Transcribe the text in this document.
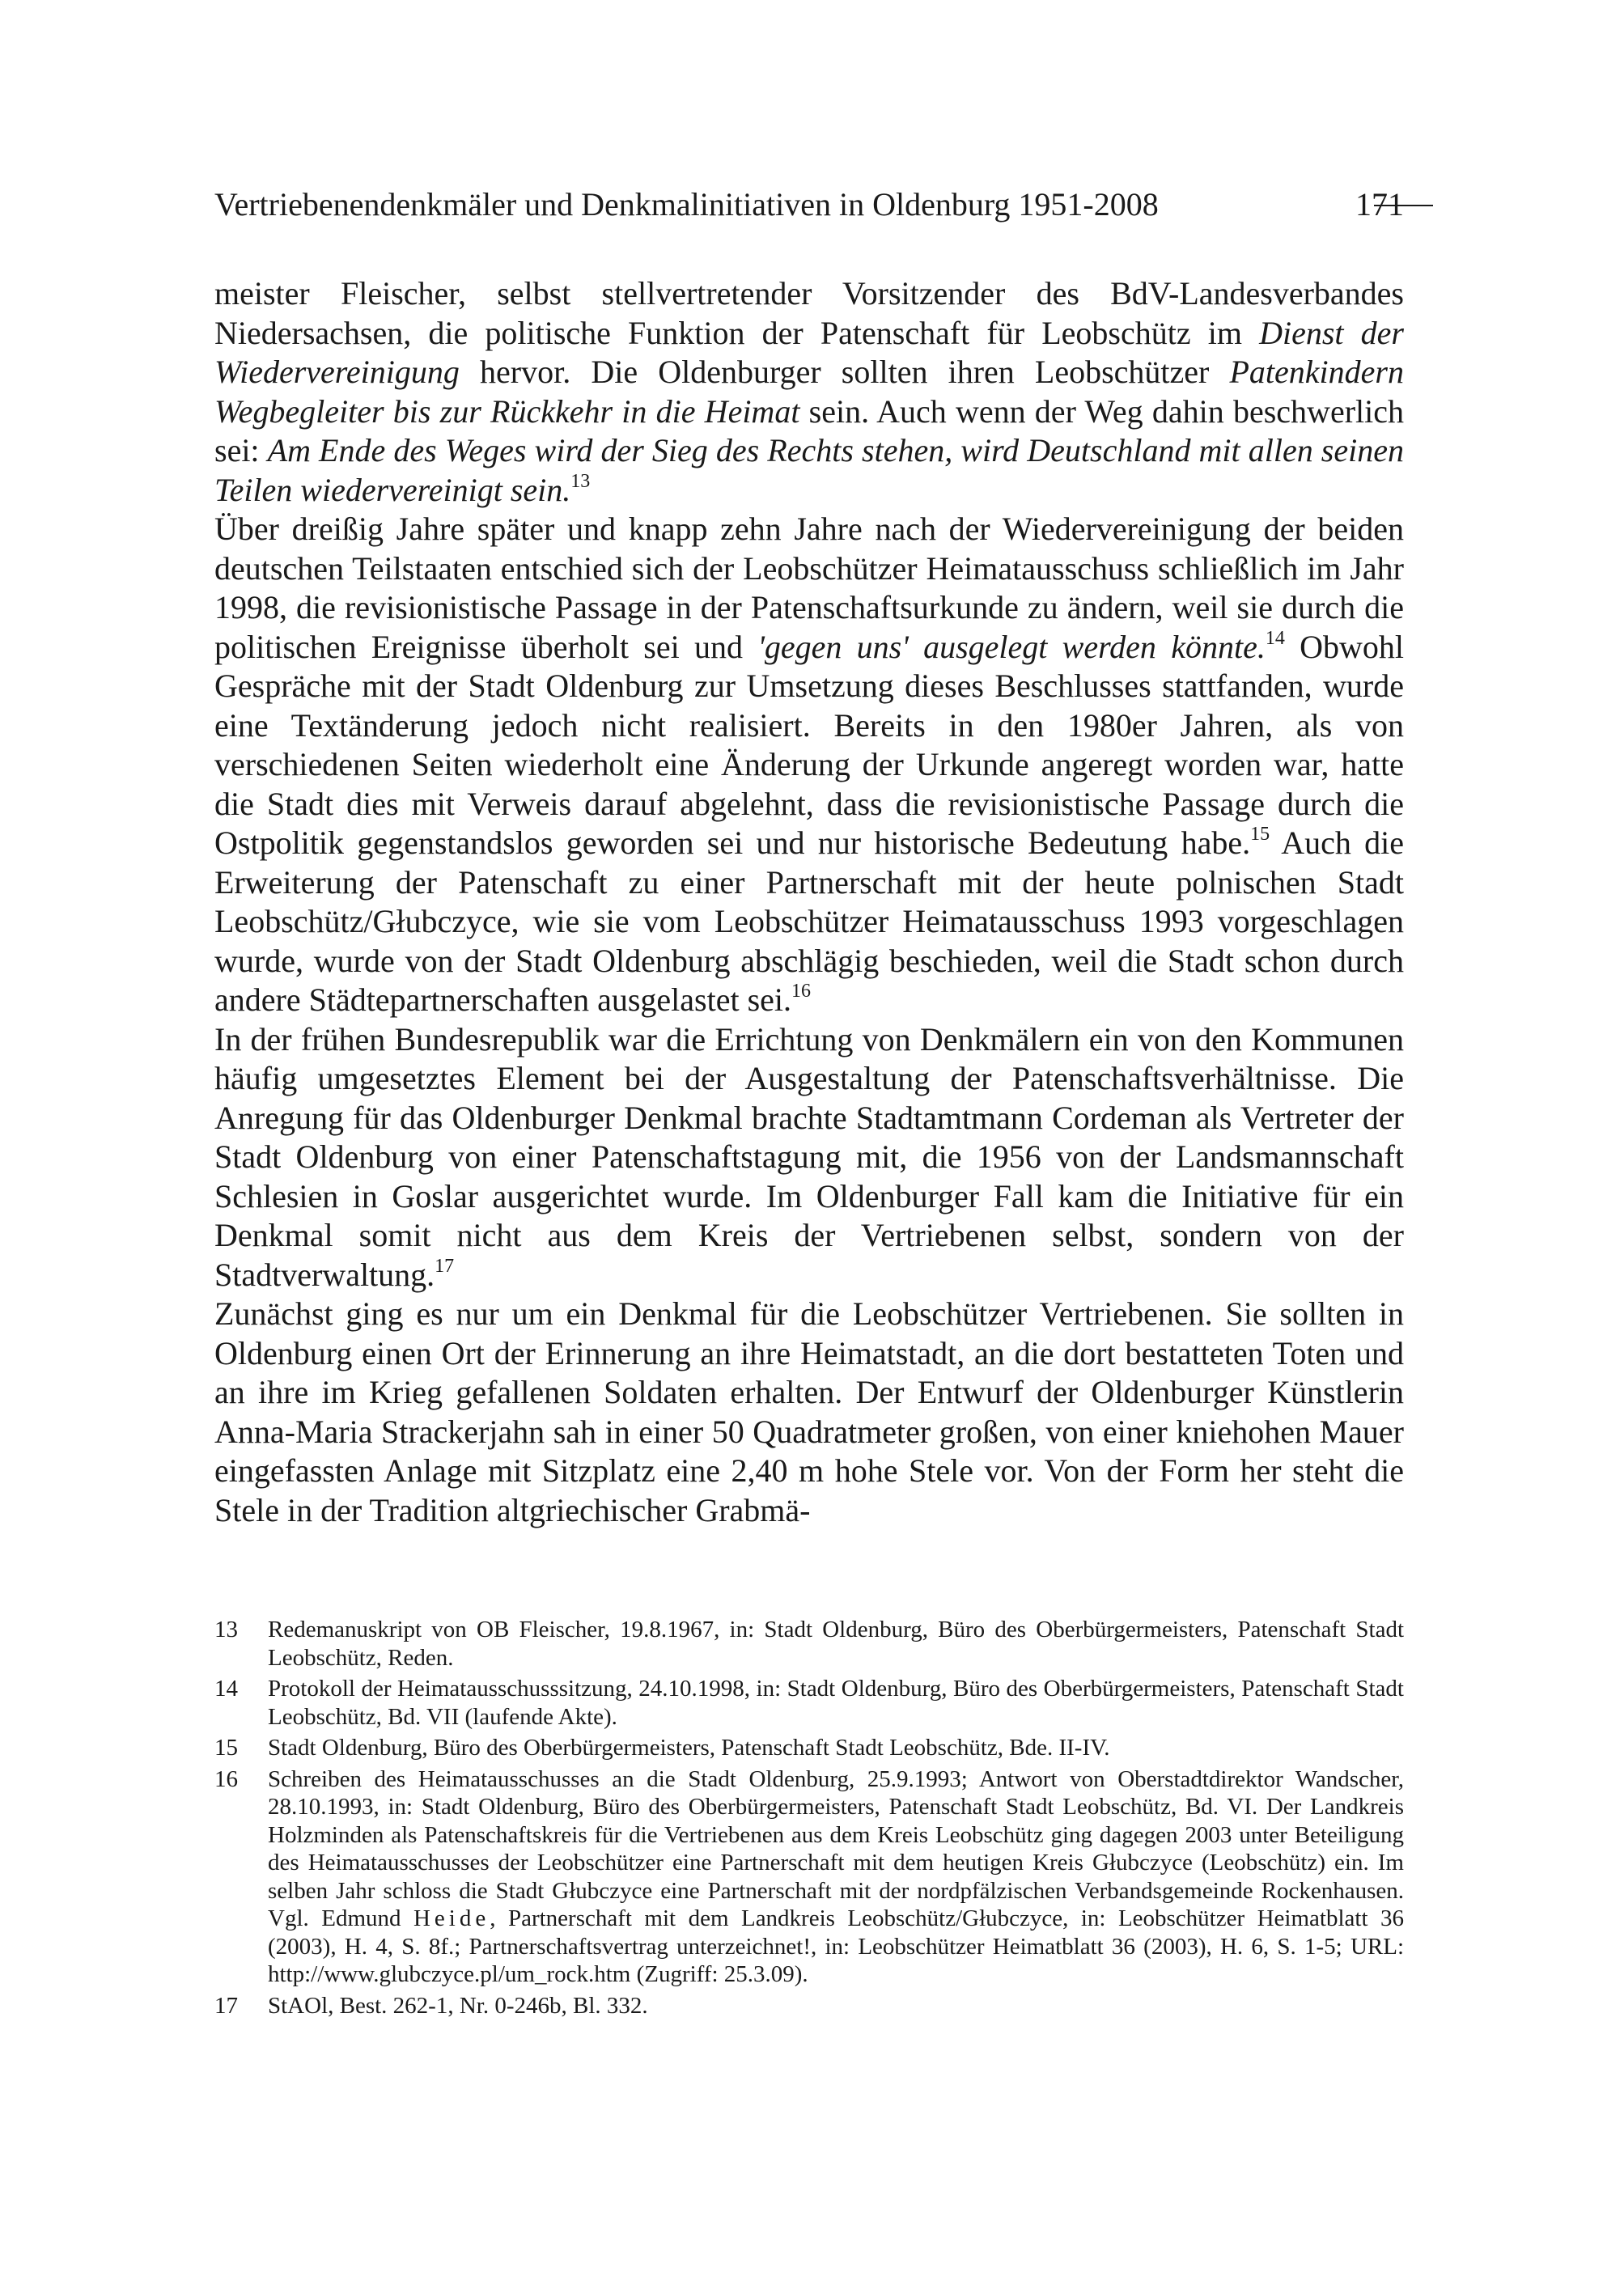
Vertriebenendenkmäler und Denkmalinitiativen in Oldenburg 1951-2008	171

meister Fleischer, selbst stellvertretender Vorsitzender des BdV-Landesverbandes Niedersachsen, die politische Funktion der Patenschaft für Leobschütz im Dienst der Wiedervereinigung hervor. Die Oldenburger sollten ihren Leobschützer Patenkindern Wegbegleiter bis zur Rückkehr in die Heimat sein. Auch wenn der Weg dahin beschwerlich sei: Am Ende des Weges wird der Sieg des Rechts stehen, wird Deutschland mit allen seinen Teilen wiedervereinigt sein.$^{13}$

Über dreißig Jahre später und knapp zehn Jahre nach der Wiedervereinigung der beiden deutschen Teilstaaten entschied sich der Leobschützer Heimatausschuss schließlich im Jahr 1998, die revisionistische Passage in der Patenschaftsurkunde zu ändern, weil sie durch die politischen Ereignisse überholt sei und 'gegen uns' ausgelegt werden könnte.$^{14}$ Obwohl Gespräche mit der Stadt Oldenburg zur Umsetzung dieses Beschlusses stattfanden, wurde eine Textänderung jedoch nicht realisiert. Bereits in den 1980er Jahren, als von verschiedenen Seiten wiederholt eine Änderung der Urkunde angeregt worden war, hatte die Stadt dies mit Verweis darauf abgelehnt, dass die revisionistische Passage durch die Ostpolitik gegenstandslos geworden sei und nur historische Bedeutung habe.$^{15}$ Auch die Erweiterung der Patenschaft zu einer Partnerschaft mit der heute polnischen Stadt Leobschütz/Głubczyce, wie sie vom Leobschützer Heimatausschuss 1993 vorgeschlagen wurde, wurde von der Stadt Oldenburg abschlägig beschieden, weil die Stadt schon durch andere Städtepartnerschaften ausgelastet sei.$^{16}$

In der frühen Bundesrepublik war die Errichtung von Denkmälern ein von den Kommunen häufig umgesetztes Element bei der Ausgestaltung der Patenschaftsverhältnisse. Die Anregung für das Oldenburger Denkmal brachte Stadtamtmann Cordeman als Vertreter der Stadt Oldenburg von einer Patenschaftstagung mit, die 1956 von der Landsmannschaft Schlesien in Goslar ausgerichtet wurde. Im Oldenburger Fall kam die Initiative für ein Denkmal somit nicht aus dem Kreis der Vertriebenen selbst, sondern von der Stadtverwaltung.$^{17}$

Zunächst ging es nur um ein Denkmal für die Leobschützer Vertriebenen. Sie sollten in Oldenburg einen Ort der Erinnerung an ihre Heimatstadt, an die dort bestatteten Toten und an ihre im Krieg gefallenen Soldaten erhalten. Der Entwurf der Oldenburger Künstlerin Anna-Maria Strackerjahn sah in einer 50 Quadratmeter großen, von einer kniehohen Mauer eingefassten Anlage mit Sitzplatz eine 2,40 m hohe Stele vor. Von der Form her steht die Stele in der Tradition altgriechischer Grabmä-

13	Redemanuskript von OB Fleischer, 19.8.1967, in: Stadt Oldenburg, Büro des Oberbürgermeisters, Patenschaft Stadt Leobschütz, Reden.
14	Protokoll der Heimatausschusssitzung, 24.10.1998, in: Stadt Oldenburg, Büro des Oberbürgermeisters, Patenschaft Stadt Leobschütz, Bd. VII (laufende Akte).
15	Stadt Oldenburg, Büro des Oberbürgermeisters, Patenschaft Stadt Leobschütz, Bde. II-IV.
16	Schreiben des Heimatausschusses an die Stadt Oldenburg, 25.9.1993; Antwort von Oberstadtdirektor Wandscher, 28.10.1993, in: Stadt Oldenburg, Büro des Oberbürgermeisters, Patenschaft Stadt Leobschütz, Bd. VI. Der Landkreis Holzminden als Patenschaftskreis für die Vertriebenen aus dem Kreis Leobschütz ging dagegen 2003 unter Beteiligung des Heimatausschusses der Leobschützer eine Partnerschaft mit dem heutigen Kreis Głubczyce (Leobschütz) ein. Im selben Jahr schloss die Stadt Głubczyce eine Partnerschaft mit der nordpfälzischen Verbandsgemeinde Rockenhausen. Vgl. Edmund Heide, Partnerschaft mit dem Landkreis Leobschütz/Głubczyce, in: Leobschützer Heimatblatt 36 (2003), H. 4, S. 8f.; Partnerschaftsvertrag unterzeichnet!, in: Leobschützer Heimatblatt 36 (2003), H. 6, S. 1-5; URL: http://www.glubczyce.pl/um_rock.htm (Zugriff: 25.3.09).
17	StAOl, Best. 262-1, Nr. 0-246b, Bl. 332.
